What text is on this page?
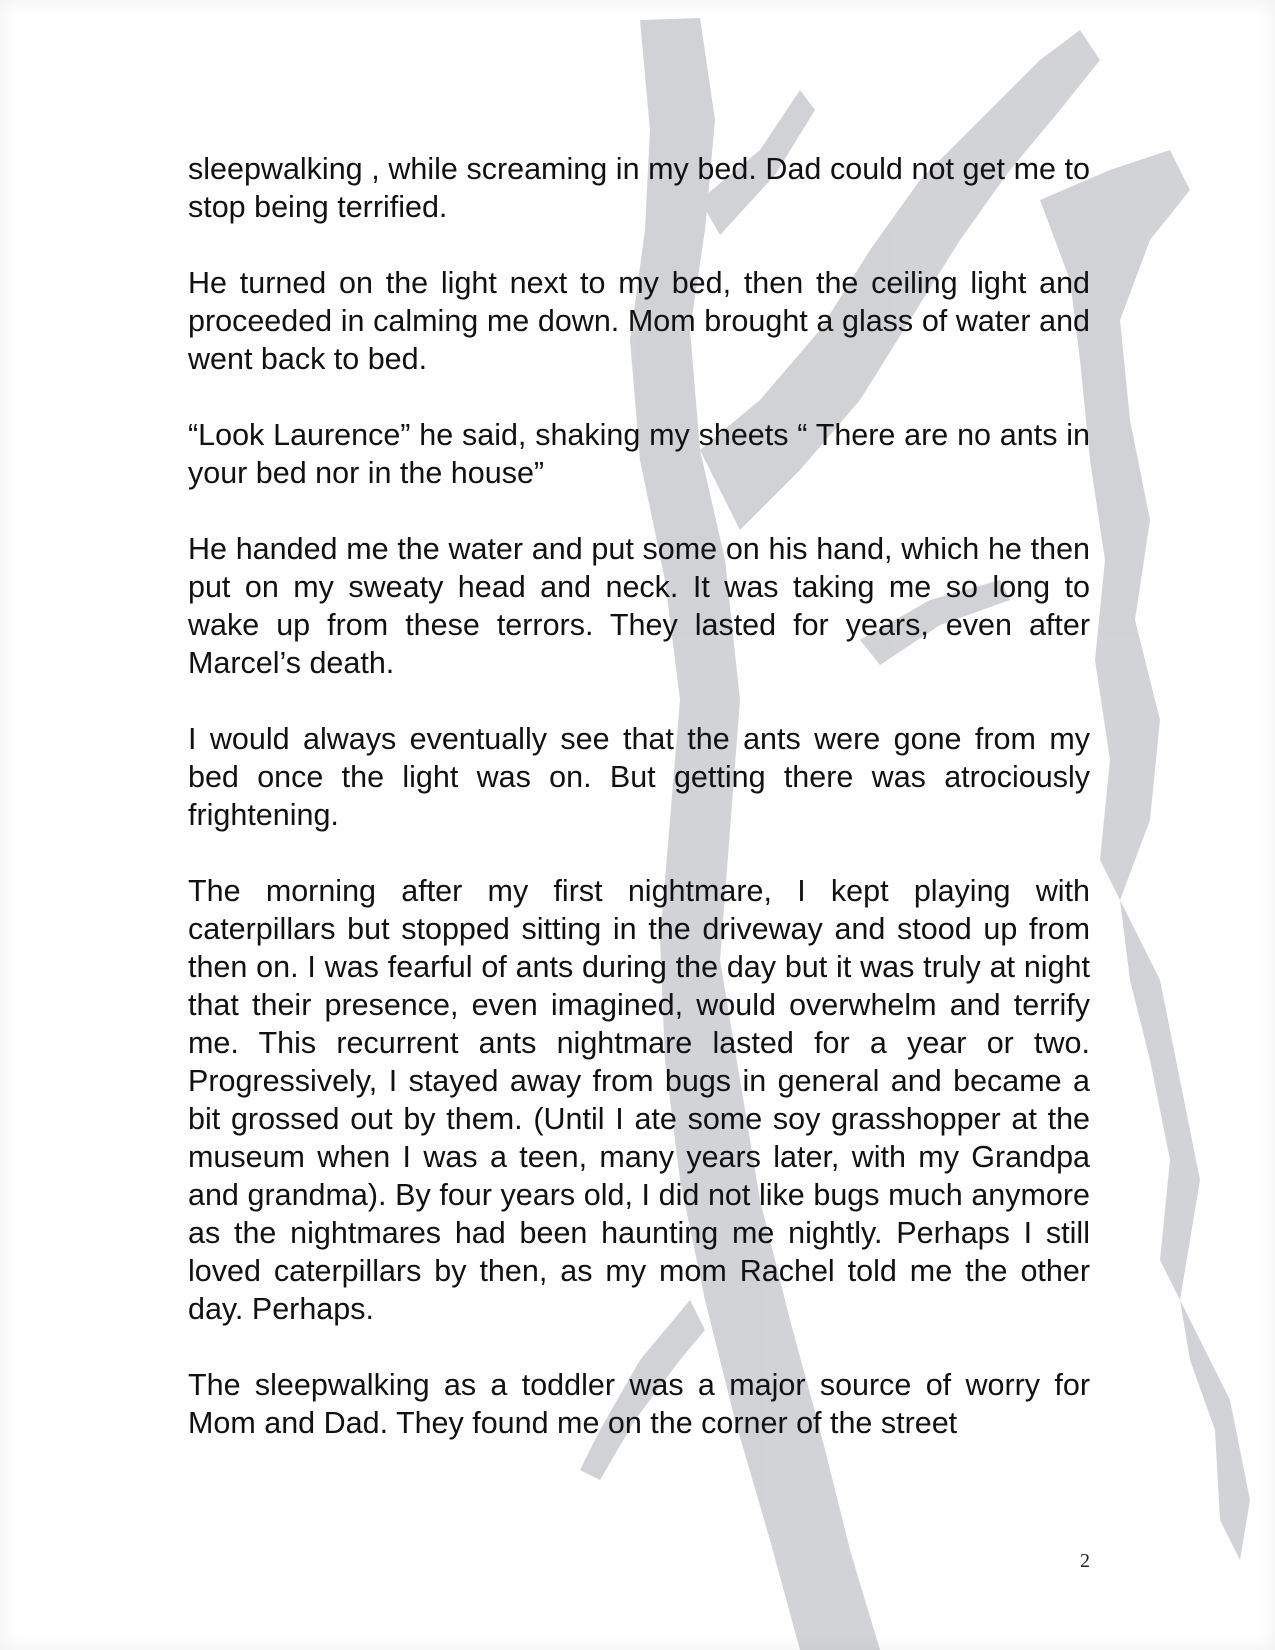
sleepwalking , while screaming in my bed. Dad could not get me to stop being terrified.

He turned on the light next to my bed, then the ceiling light and proceeded in calming me down. Mom brought a glass of water and went back to bed.

“Look Laurence” he said, shaking my sheets “ There are no ants in your bed nor in the house”

He handed me the water and put some on his hand, which he then put on my sweaty head and neck. It was taking me so long to wake up from these terrors. They lasted for years, even after Marcel’s death.

I would always eventually see that the ants were gone from my bed once the light was on. But getting there was atrociously frightening.

The morning after my first nightmare, I kept playing with caterpillars but stopped sitting in the driveway and stood up from then on. I was fearful of ants during the day but it was truly at night that their presence, even imagined, would overwhelm and terrify me. This recurrent ants nightmare lasted for a year or two. Progressively, I stayed away from bugs in general and became a bit grossed out by them. (Until I ate some soy grasshopper at the museum when I was a teen, many years later, with my Grandpa and grandma). By four years old, I did not like bugs much anymore as the nightmares had been haunting me nightly. Perhaps I still loved caterpillars by then, as my mom Rachel told me the other day. Perhaps.

The sleepwalking as a toddler was a major source of worry for Mom and Dad. They found me on the corner of the street

2
